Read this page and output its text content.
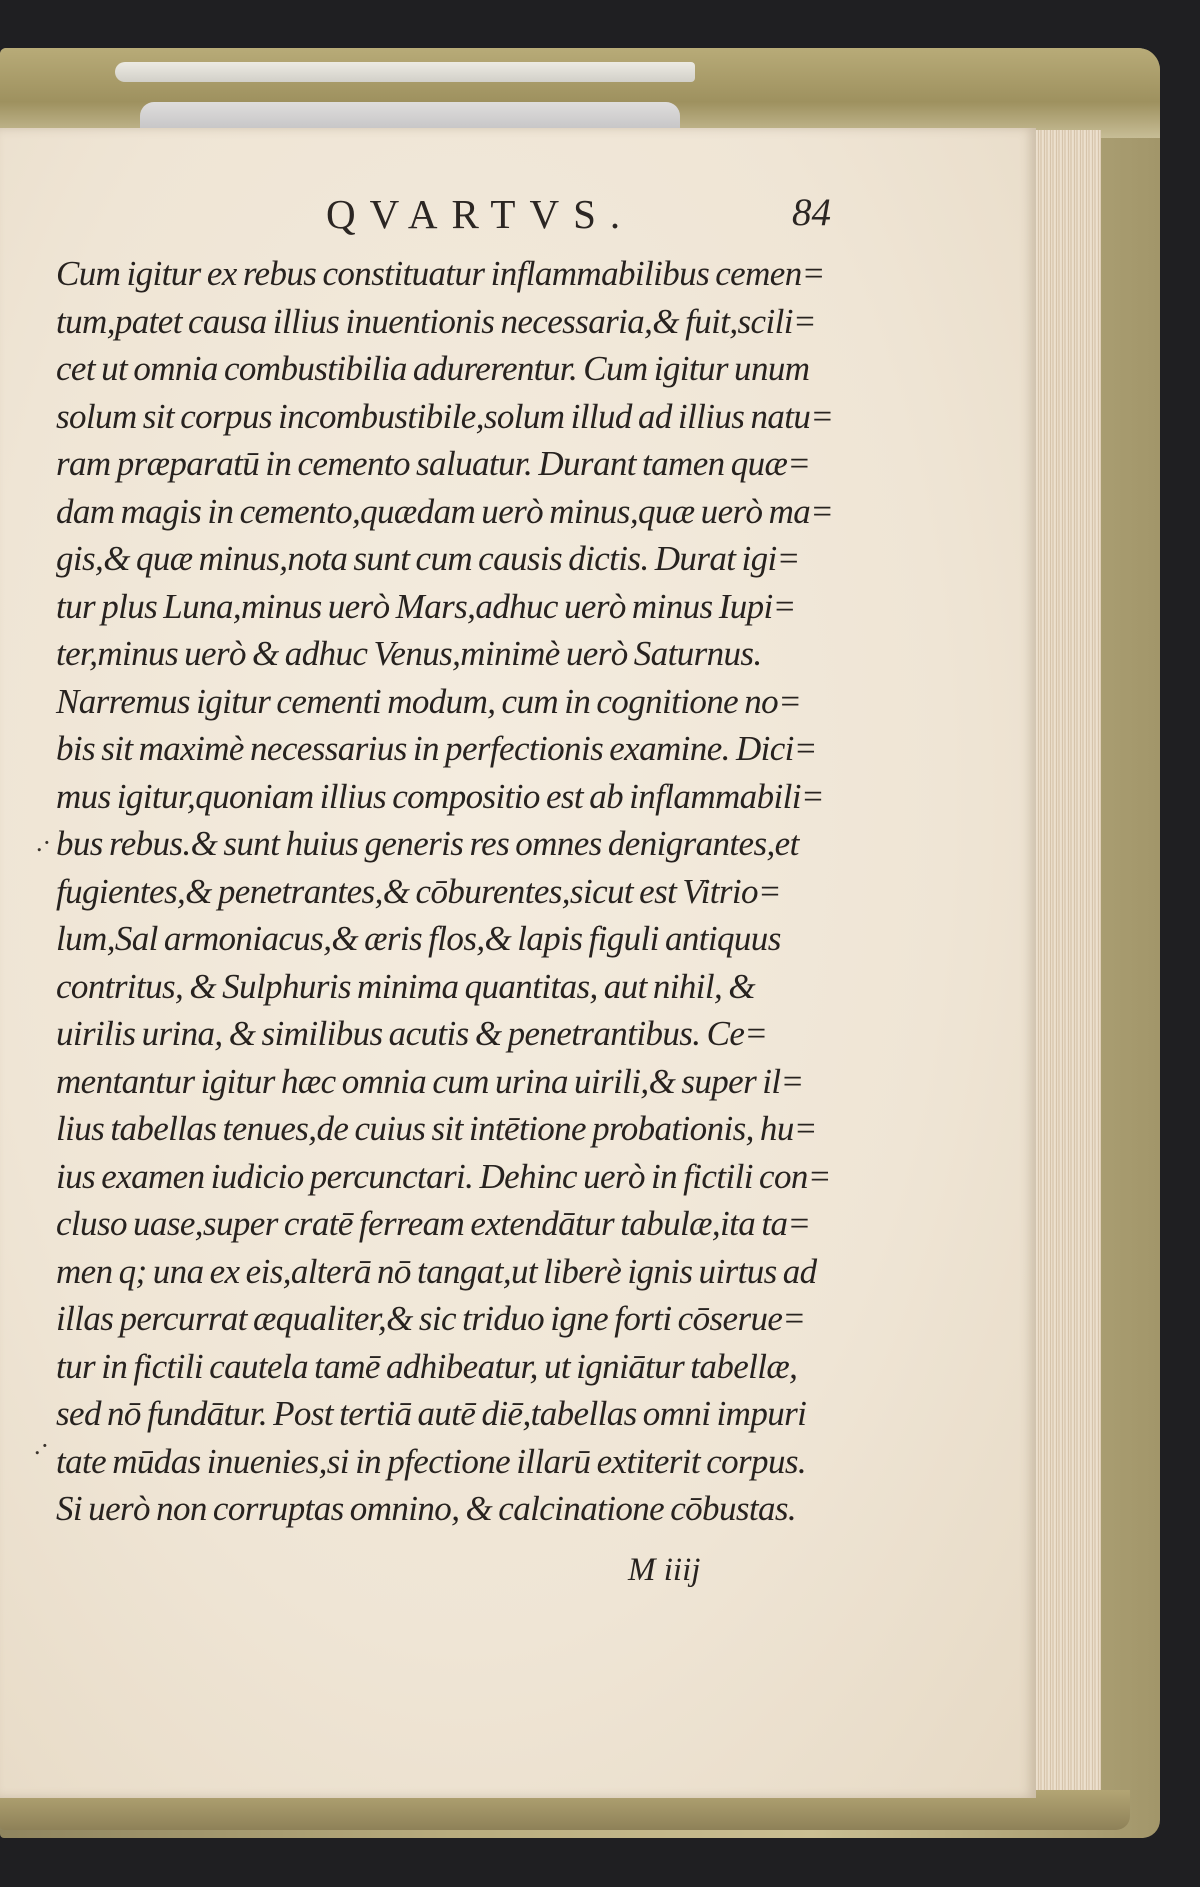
QVARTVS.	84
.·
.·
Cum igitur ex rebus constituatur inflammabilibus cemen=
tum,patet causa illius inuentionis necessaria,& fuit,scili=
cet ut omnia combustibilia adurerentur. Cum igitur unum
solum sit corpus incombustibile,solum illud ad illius natu=
ram præparatū in cemento saluatur. Durant tamen quæ=
dam magis in cemento,quædam uerò minus,quæ uerò ma=
gis,& quæ minus,nota sunt cum causis dictis. Durat igi=
tur plus Luna,minus uerò Mars,adhuc uerò minus Iupi=
ter,minus uerò & adhuc Venus,minimè uerò Saturnus.
Narremus igitur cementi modum, cum in cognitione no=
bis sit maximè necessarius in perfectionis examine. Dici=
mus igitur,quoniam illius compositio est ab inflammabili=
bus rebus.& sunt huius generis res omnes denigrantes,et
fugientes,& penetrantes,& cōburentes,sicut est Vitrio=
lum,Sal armoniacus,& æris flos,& lapis figuli antiquus
contritus, & Sulphuris minima quantitas, aut nihil, &
uirilis urina, & similibus acutis & penetrantibus. Ce=
mentantur igitur hæc omnia cum urina uirili,& super il=
lius tabellas tenues,de cuius sit intētione probationis, hu=
ius examen iudicio percunctari. Dehinc uerò in fictili con=
cluso uase,super cratē ferream extendātur tabulæ,ita ta=
men q; una ex eis,alterā nō tangat,ut liberè ignis uirtus ad
illas percurrat æqualiter,& sic triduo igne forti cōserue=
tur in fictili cautela tamē adhibeatur, ut igniātur tabellæ,
sed nō fundātur. Post tertiā autē diē,tabellas omni impuri
tate mūdas inuenies,si in pfectione illarū extiterit corpus.
Si uerò non corruptas omnino, & calcinatione cōbustas.
M iiij
